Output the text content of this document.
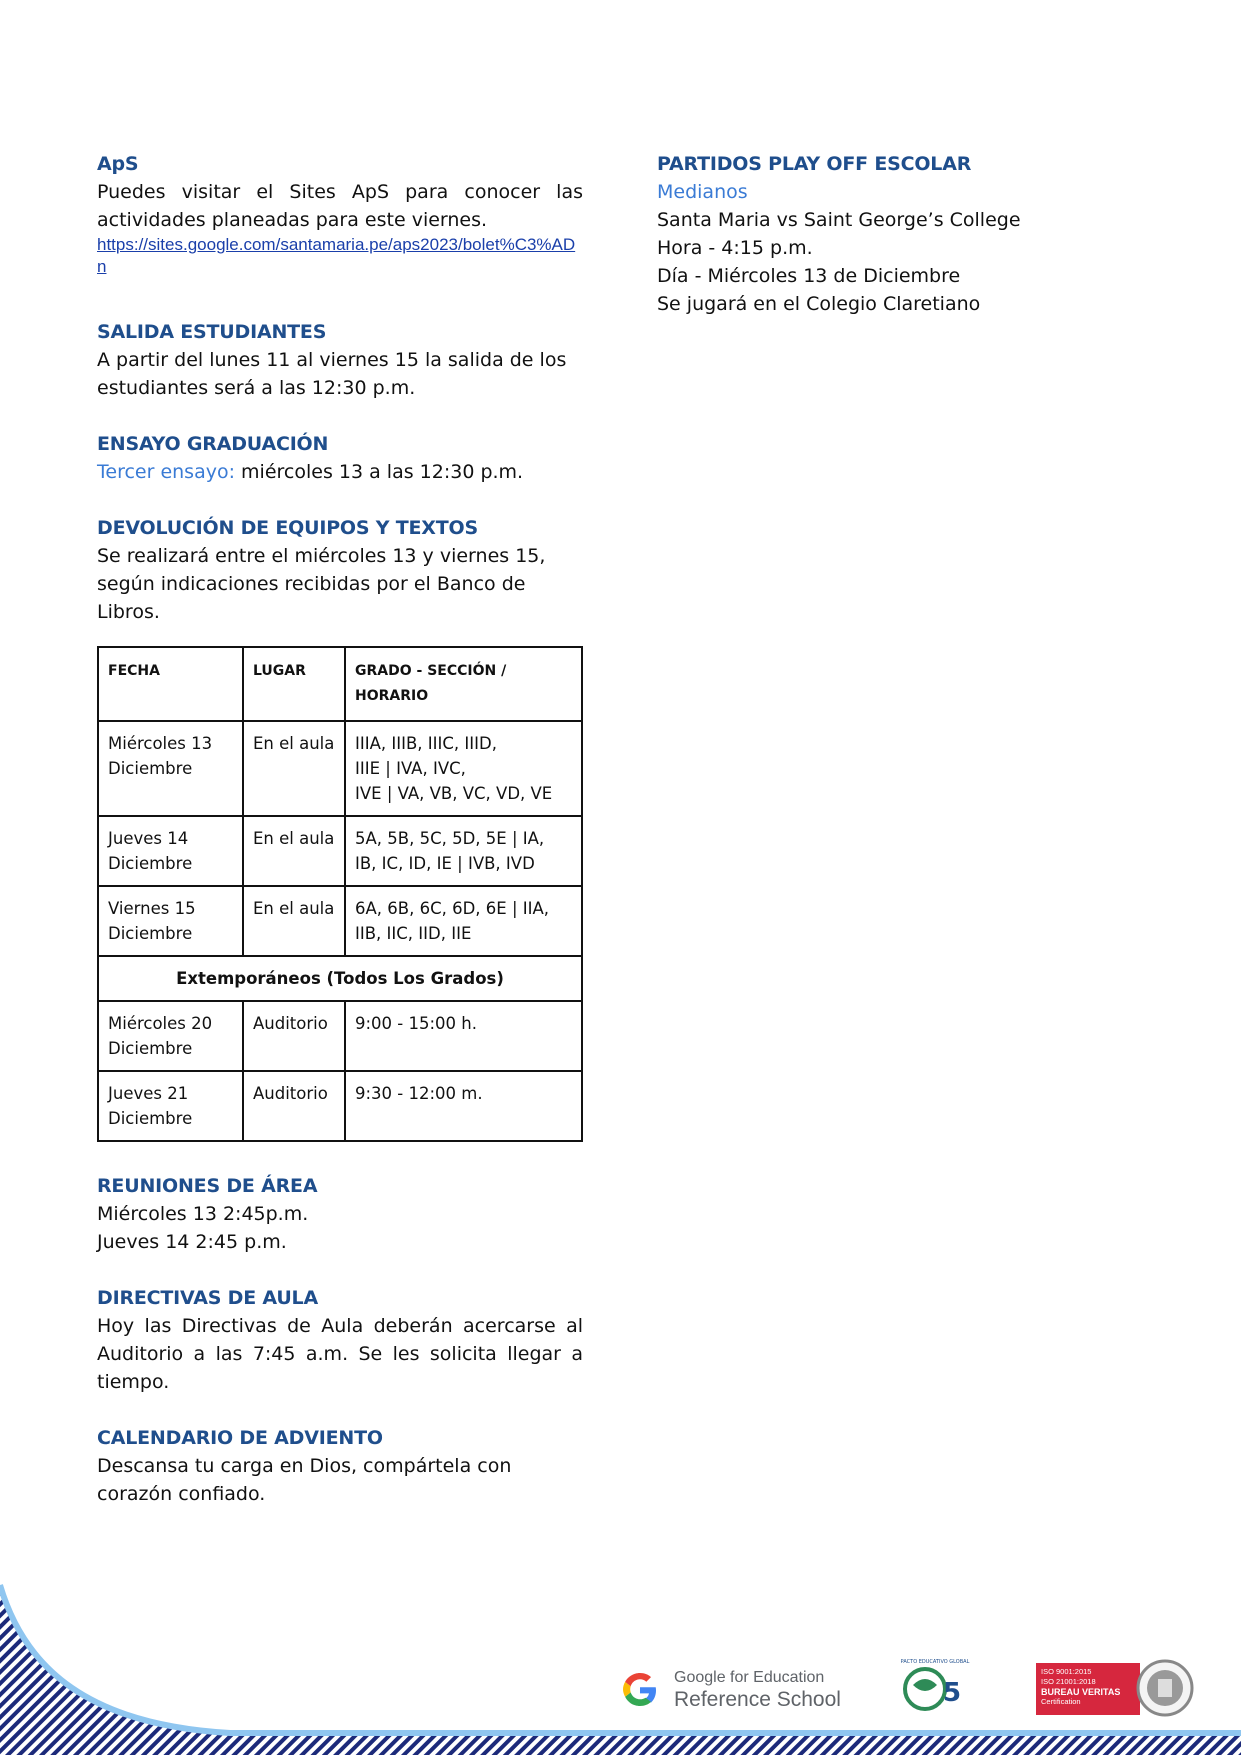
ApS
Puedes visitar el Sites ApS para conocer las actividades planeadas para este viernes.
https://sites.google.com/santamaria.pe/aps2023/bolet%C3%ADn
SALIDA ESTUDIANTES
A partir del lunes 11 al viernes 15 la salida de los estudiantes será a las 12:30 p.m.
ENSAYO GRADUACIÓN
Tercer ensayo: miércoles 13 a las 12:30 p.m.
DEVOLUCIÓN DE EQUIPOS Y TEXTOS
Se realizará entre el miércoles 13 y viernes 15, según indicaciones recibidas por el Banco de Libros.
FECHA	LUGAR	GRADO - SECCIÓN / HORARIO
Miércoles 13 Diciembre	En el aula	IIIA, IIIB, IIIC, IIID,
IIIE | IVA, IVC,
IVE | VA, VB, VC, VD, VE

Jueves 14 Diciembre	En el aula	5A, 5B, 5C, 5D, 5E | IA,
IB, IC, ID, IE | IVB, IVD

Viernes 15 Diciembre	En el aula	6A, 6B, 6C, 6D, 6E | IIA,
IIB, IIC, IID, IIE

Extemporáneos (Todos Los Grados)		
Miércoles 20 Diciembre	Auditorio	9:00 - 15:00 h.

Jueves 21 Diciembre	Auditorio	9:30 - 12:00 m.
REUNIONES DE ÁREA
Miércoles 13 2:45p.m.
Jueves 14 2:45 p.m.
DIRECTIVAS DE AULA
Hoy las Directivas de Aula deberán acercarse al Auditorio a las 7:45 a.m. Se les solicita llegar a tiempo.
CALENDARIO DE ADVIENTO
Descansa tu carga en Dios, compártela con corazón confiado.
PARTIDOS PLAY OFF ESCOLAR
Medianos
Santa Maria vs Saint George’s College
Hora - 4:15 p.m.
Día - Miércoles 13 de Diciembre
Se jugará en el Colegio Claretiano
Google for Education
Reference School	5
PACTO EDUCATIVO GLOBAL
ISO 9001:2015
ISO 21001:2018
BUREAU VERITAS
Certification
